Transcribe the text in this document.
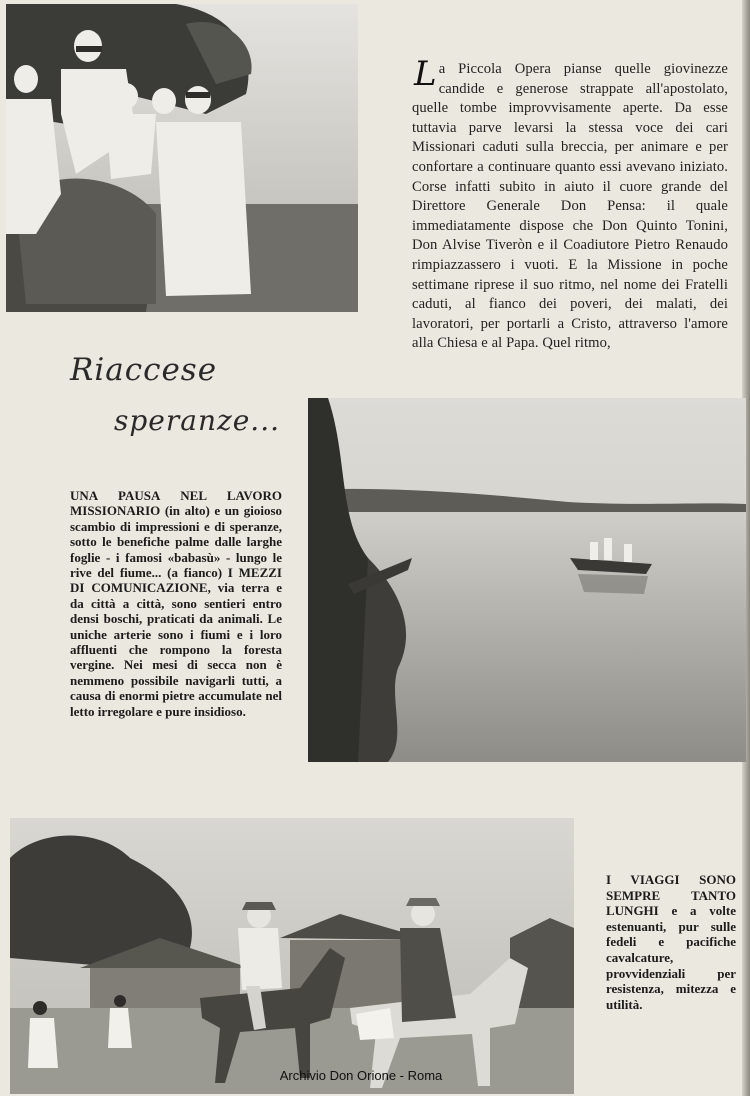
La Piccola Opera pianse quelle giovinezze candide e generose strappate all'apostolato, quelle tombe improvvisamente aperte. Da esse tuttavia parve levarsi la stessa voce dei cari Missionari caduti sulla breccia, per animare e per confortare a continuare quanto essi avevano iniziato. Corse infatti subito in aiuto il cuore grande del Direttore Generale Don Pensa: il quale immediatamente dispose che Don Quinto Tonini, Don Alvise Tiveròn e il Coadiutore Pietro Renaudo rimpiazzassero i vuoti. E la Missione in poche settimane riprese il suo ritmo, nel nome dei Fratelli caduti, al fianco dei poveri, dei malati, dei lavoratori, per portarli a Cristo, attraverso l'amore alla Chiesa e al Papa. Quel ritmo,
Riaccese
speranze...
UNA PAUSA NEL LAVORO MISSIONARIO (in alto) e un gioioso scambio di impressioni e di speranze, sotto le benefiche palme dalle larghe foglie - i famosi «babasù» - lungo le rive del fiume... (a fianco) I MEZZI DI COMUNICAZIONE, via terra e da città a città, sono sentieri entro densi boschi, praticati da animali. Le uniche arterie sono i fiumi e i loro affluenti che rompono la foresta vergine. Nei mesi di secca non è nemmeno possibile navigarli tutti, a causa di enormi pietre accumulate nel letto irregolare e pure insidioso.
I VIAGGI SONO SEMPRE TANTO LUNGHI e a volte estenuanti, pur sulle fedeli e pacifiche cavalcature, provvidenziali per resistenza, mitezza e utilità.
Archivio Don Orione - Roma
